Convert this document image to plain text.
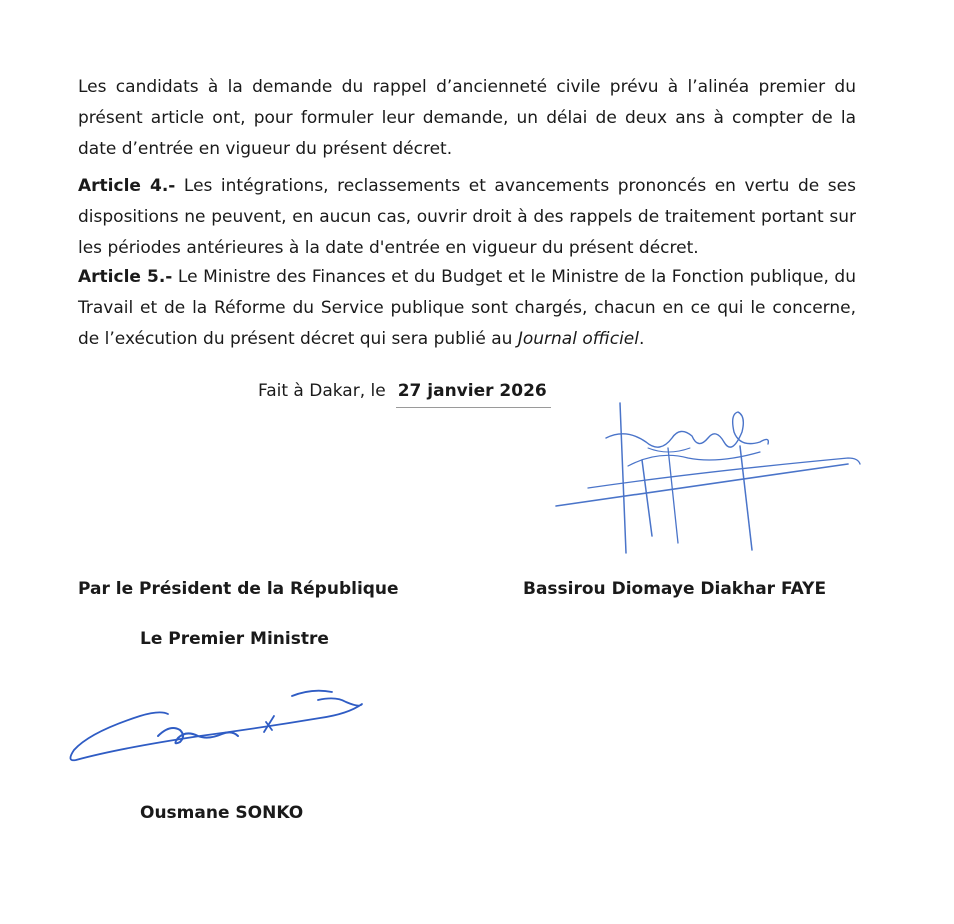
Les candidats à la demande du rappel d’ancienneté civile prévu à l’alinéa premier du présent article ont, pour formuler leur demande, un délai de deux ans à compter de la date d’entrée en vigueur du présent décret.

Article 4.- Les intégrations, reclassements et avancements prononcés en vertu de ses dispositions ne peuvent, en aucun cas, ouvrir droit à des rappels de traitement portant sur les périodes antérieures à la date d'entrée en vigueur du présent décret.

Article 5.- Le Ministre des Finances et du Budget et le Ministre de la Fonction publique, du Travail et de la Réforme du Service publique sont chargés, chacun en ce qui le concerne, de l’exécution du présent décret qui sera publié au Journal officiel.

Fait à Dakar, le 27 janvier 2026
Par le Président de la République	Bassirou Diomaye Diakhar FAYE
Le Premier Ministre
Ousmane SONKO
